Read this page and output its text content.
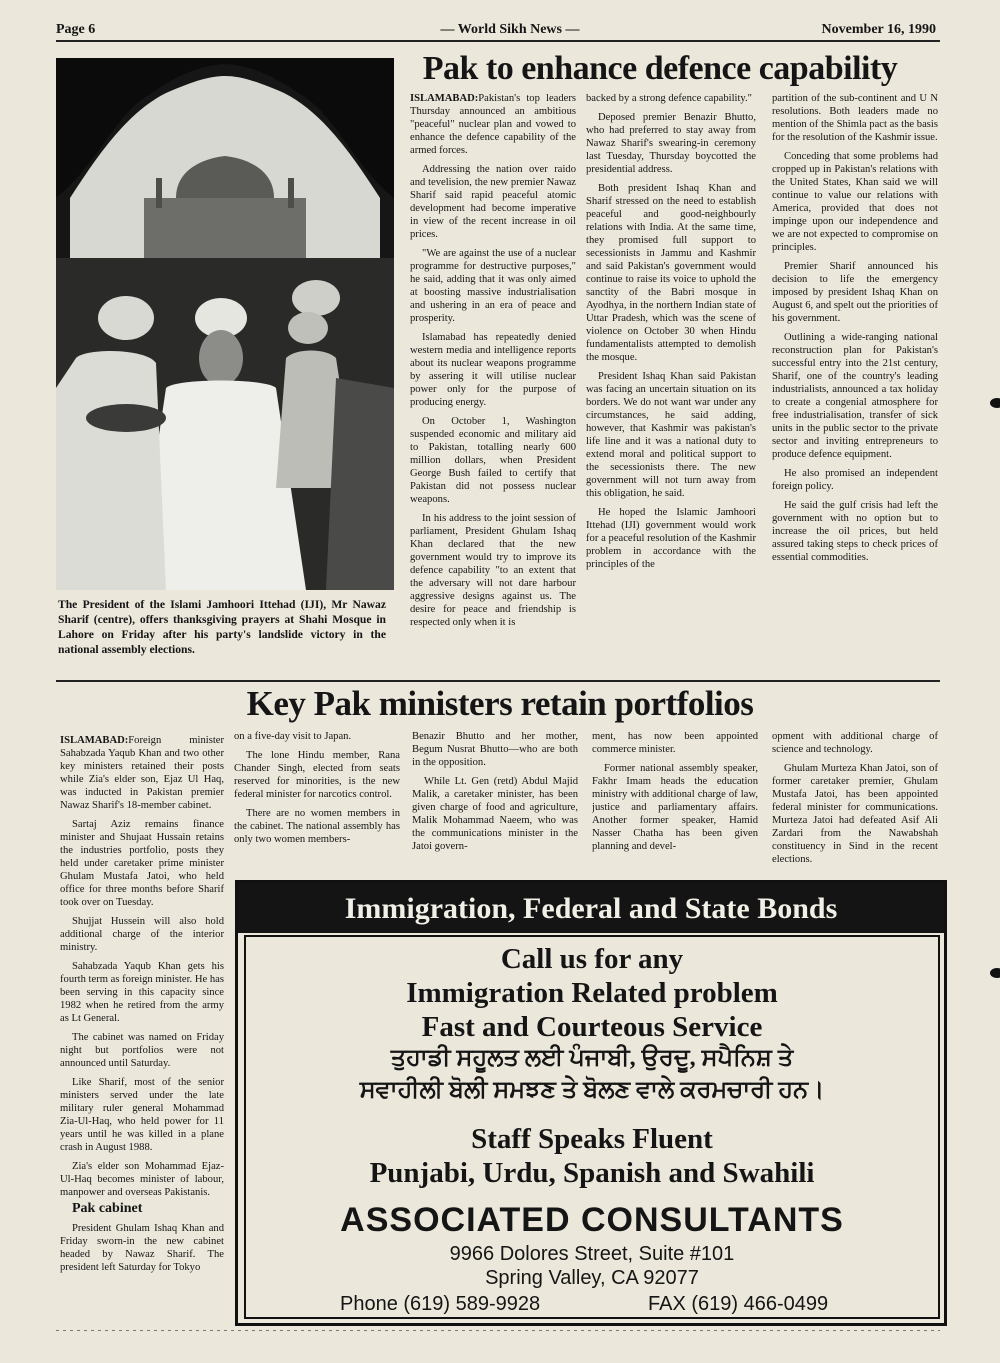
Page 6	— World Sikh News —	November 16, 1990
The President of the Islami Jamhoori Ittehad (IJI), Mr Nawaz Sharif (centre), offers thanksgiving prayers at Shahi Mosque in Lahore on Friday after his party's landslide victory in the national assembly elections.
Pak to enhance defence capability

ISLAMABAD:Pakistan's top leaders Thursday announced an ambitious "peaceful" nuclear plan and vowed to enhance the defence capability of the armed forces.

Addressing the nation over raido and tevelision, the new premier Nawaz Sharif said rapid peaceful atomic development had become imperative in view of the recent increase in oil prices.

"We are against the use of a nuclear programme for destructive purposes," he said, adding that it was only aimed at boosting massive industrialisation and ushering in an era of peace and prosperity.

Islamabad has repeatedly denied western media and intelligence reports about its nuclear weapons programme by assering it will utilise nuclear power only for the purpose of producing energy.

On October 1, Washington suspended economic and military aid to Pakistan, totalling nearly 600 million dollars, when President George Bush failed to certify that Pakistan did not possess nuclear weapons.

In his address to the joint session of parliament, President Ghulam Ishaq Khan declared that the new government would try to improve its defence capability "to an extent that the adversary will not dare harbour aggressive designs against us. The desire for peace and friendship is respected only when it is

backed by a strong defence capability."

Deposed premier Benazir Bhutto, who had preferred to stay away from Nawaz Sharif's swearing-in ceremony last Tuesday, Thursday boycotted the presidential address.

Both president Ishaq Khan and Sharif stressed on the need to establish peaceful and good-neighbourly relations with India. At the same time, they promised full support to secessionists in Jammu and Kashmir and said Pakistan's government would continue to raise its voice to uphold the sanctity of the Babri mosque in Ayodhya, in the northern Indian state of Uttar Pradesh, which was the scene of violence on October 30 when Hindu fundamentalists attempted to demolish the mosque.

President Ishaq Khan said Pakistan was facing an uncertain situation on its borders. We do not want war under any circumstances, he said adding, however, that Kashmir was pakistan's life line and it was a national duty to extend moral and political support to the secessionists there. The new government will not turn away from this obligation, he said.

He hoped the Islamic Jamhoori Ittehad (IJI) government would work for a peaceful resolution of the Kashmir problem in accordance with the principles of the

partition of the sub-continent and U N resolutions. Both leaders made no mention of the Shimla pact as the basis for the resolution of the Kashmir issue.

Conceding that some problems had cropped up in Pakistan's relations with the United States, Khan said we will continue to value our relations with America, provided that does not impinge upon our independence and we are not expected to compromise on principles.

Premier Sharif announced his decision to life the emergency imposed by president Ishaq Khan on August 6, and spelt out the priorities of his government.

Outlining a wide-ranging national reconstruction plan for Pakistan's successful entry into the 21st century, Sharif, one of the country's leading industrialists, announced a tax holiday to create a congenial atmosphere for free industrialisation, transfer of sick units in the public sector to the private sector and inviting entrepreneurs to produce defence equipment.

He also promised an independent foreign policy.

He said the gulf crisis had left the government with no option but to increase the oil prices, but held assured taking steps to check prices of essential commodities.

Key Pak ministers retain portfolios

ISLAMABAD:Foreign minister Sahabzada Yaqub Khan and two other key ministers retained their posts while Zia's elder son, Ejaz Ul Haq, was inducted in Pakistan premier Nawaz Sharif's 18-member cabinet.

Sartaj Aziz remains finance minister and Shujaat Hussain retains the industries portfolio, posts they held under caretaker prime minister Ghulam Mustafa Jatoi, who held office for three months before Sharif took over on Tuesday.

Shujjat Hussein will also hold additional charge of the interior ministry.

Sahabzada Yaqub Khan gets his fourth term as foreign minister. He has been serving in this capacity since 1982 when he retired from the army as Lt General.

The cabinet was named on Friday night but portfolios were not announced until Saturday.

Like Sharif, most of the senior ministers served under the late military ruler general Mohammad Zia-Ul-Haq, who held power for 11 years until he was killed in a plane crash in August 1988.

Zia's elder son Mohammad Ejaz-Ul-Haq becomes minister of labour, manpower and overseas Pakistanis.

Pak cabinet

President Ghulam Ishaq Khan and Friday sworn-in the new cabinet headed by Nawaz Sharif. The president left Saturday for Tokyo

on a five-day visit to Japan.

The lone Hindu member, Rana Chander Singh, elected from seats reserved for minorities, is the new federal minister for narcotics control.

There are no women members in the cabinet. The national assembly has only two women members-

Benazir Bhutto and her mother, Begum Nusrat Bhutto—who are both in the opposition.

While Lt. Gen (retd) Abdul Majid Malik, a caretaker minister, has been given charge of food and agriculture, Malik Mohammad Naeem, who was the communications minister in the Jatoi govern-

ment, has now been appointed commerce minister.

Former national assembly speaker, Fakhr Imam heads the education ministry with additional charge of law, justice and parliamentary affairs. Another former speaker, Hamid Nasser Chatha has been given planning and devel-

opment with additional charge of science and technology.

Ghulam Murteza Khan Jatoi, son of former caretaker premier, Ghulam Mustafa Jatoi, has been appointed federal minister for communications. Murteza Jatoi had defeated Asif Ali Zardari from the Nawabshah constituency in Sind in the recent elections.

Immigration, Federal and State Bonds
Call us for any
Immigration Related problem
Fast and Courteous Service
ਤੁਹਾਡੀ ਸਹੂਲਤ ਲਈ ਪੰਜਾਬੀ, ਉਰਦੂ, ਸਪੈਨਿਸ਼ ਤੇ
ਸਵਾਹੀਲੀ ਬੋਲੀ ਸਮਝਣ ਤੇ ਬੋਲਣ ਵਾਲੇ ਕਰਮਚਾਰੀ ਹਨ।
Staff Speaks Fluent
Punjabi, Urdu, Spanish and Swahili
ASSOCIATED CONSULTANTS
9966 Dolores Street, Suite #101
Spring Valley, CA 92077
Phone (619) 589-9928	FAX (619) 466-0499
